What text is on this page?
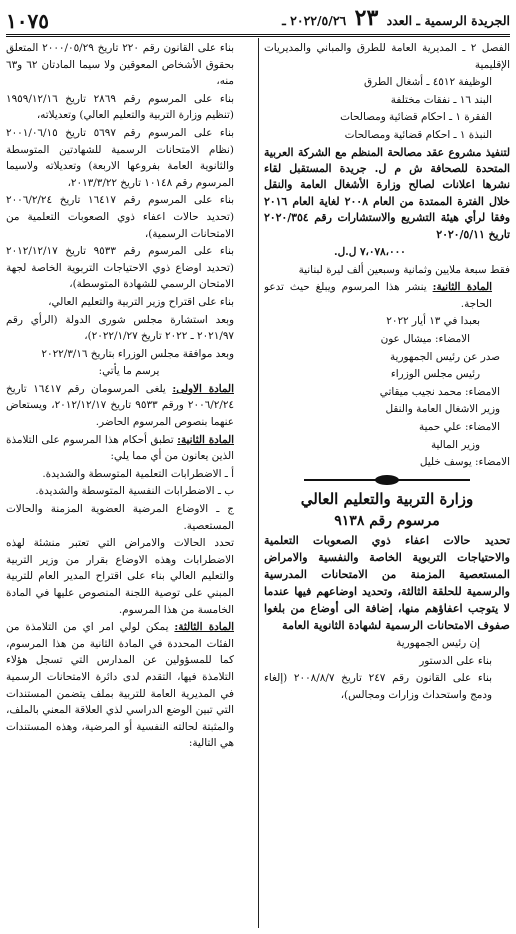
الجريدة الرسمية ـ العدد ٢٣ ٢٠٢٢/٥/٢٦ ـ
١٠٧٥

الفصل ٢ ـ المديرية العامة للطرق والمباني والمديريات الإقليمية

الوظيفة ٤٥١٢ ـ أشغال الطرق

البند ١٦ ـ نفقات مختلفة

الفقرة ١ ـ احكام قضائية ومصالحات

النبذة ١ ـ احكام قضائية ومصالحات

لتنفيذ مشروع عقد مصالحة المنظم مع الشركة العربية المتحدة للصحافة ش م ل. جريدة المستقبل لقاء نشرها اعلانات لصالح وزارة الأشغال العامة والنقل خلال الفترة الممتدة من العام ٢٠٠٨ لغاية العام ٢٠١٦ وفقا لرأي هيئة التشريع والاستشارات رقم ٢٠٢٠/٣٥٤ تاريخ ٢٠٢٠/٥/١١

٧،٠٧٨،٠٠٠ ل.ل.

فقط سبعة ملايين وثمانية وسبعين ألف ليرة لبنانية

المادة الثانية: ينشر هذا المرسوم ويبلغ حيث تدعو الحاجة.

بعبدا في ١٣ أيار ٢٠٢٢

الامضاء: ميشال عون

صدر عن رئيس الجمهورية

رئيس مجلس الوزراء

الامضاء: محمد نجيب ميقاتي

وزير الاشغال العامة والنقل

الامضاء: علي حمية

وزير المالية

الامضاء: يوسف خليل

وزارة التربية والتعليم العالي
مرسوم رقم ٩١٣٨

تحديد حالات اعفاء ذوي الصعوبات التعلمية والاحتياجات التربوية الخاصة والنفسية والامراض المستعصية المزمنة من الامتحانات المدرسية والرسمية للحلقة الثالثة، وتحديد اوضاعهم فيها عندما لا يتوجب اعفاؤهم منها، إضافة الى أوضاع من بلغوا صفوف الامتحانات الرسمية لشهادة الثانوية العامة

إن رئيس الجمهورية

بناء على الدستور

بناء على القانون رقم ٢٤٧ تاريخ ٢٠٠٨/٨/٧ (إلغاء ودمج واستحداث وزارات ومجالس)،

بناء على القانون رقم ٢٢٠ تاريخ ٢٠٠٠/٠٥/٢٩ المتعلق بحقوق الأشخاص المعوقين ولا سيما المادتان ٦٢ و٦٣ منه،

بناء على المرسوم رقم ٢٨٦٩ تاريخ ١٩٥٩/١٢/١٦ (تنظيم وزارة التربية والتعليم العالي) وتعديلاته،

بناء على المرسوم رقم ٥٦٩٧ تاريخ ٢٠٠١/٠٦/١٥ (نظام الامتحانات الرسمية للشهادتين المتوسطة والثانوية العامة بفروعها الاربعة) وتعديلاته ولاسيما المرسوم رقم ١٠١٤٨ تاريخ ٢٠١٣/٣/٢٢،

بناء على المرسوم رقم ١٦٤١٧ تاريخ ٢٠٠٦/٢/٢٤ (تحديد حالات اعفاء ذوي الصعوبات التعلمية من الامتحانات الرسمية)،

بناء على المرسوم رقم ٩٥٣٣ تاريخ ٢٠١٢/١٢/١٧ (تحديد اوضاع ذوي الاحتياجات التربوية الخاصة لجهة الامتحان الرسمي للشهادة المتوسطة)،

بناء على اقتراح وزير التربية والتعليم العالي،

وبعد استشارة مجلس شورى الدولة (الرأي رقم ٢٠٢١/٩٧ ـ ٢٠٢٢ تاريخ ٢٠٢٢/١/٢٧)،

وبعد موافقة مجلس الوزراء بتاريخ ٢٠٢٢/٣/١٦

يرسم ما يأتي:

المادة الاولى: يلغى المرسومان رقم ١٦٤١٧ تاريخ ٢٠٠٦/٢/٢٤ ورقم ٩٥٣٣ تاريخ ٢٠١٢/١٢/١٧، ويستعاض عنهما بنصوص المرسوم الحاضر.

المادة الثانية: تطبق أحكام هذا المرسوم على التلامذة الذين يعانون من أي مما يلي:

أ ـ الاضطرابات التعلمية المتوسطة والشديدة.

ب ـ الاضطرابات النفسية المتوسطة والشديدة.

ج ـ الاوضاع المرضية العضوية المزمنة والحالات المستعصية.

تحدد الحالات والامراض التي تعتبر منشئة لهذه الاضطرابات وهذه الاوضاع بقرار من وزير التربية والتعليم العالي بناء على اقتراح المدير العام للتربية المبني على توصية اللجنة المنصوص عليها في المادة الخامسة من هذا المرسوم.

المادة الثالثة: يمكن لولي امر اي من التلامذة من الفئات المحددة في المادة الثانية من هذا المرسوم، كما للمسؤولين عن المدارس التي تسجل هؤلاء التلامذة فيها، التقدم لدى دائرة الامتحانات الرسمية في المديرية العامة للتربية بملف يتضمن المستندات التي تبين الوضع الدراسي لذي العلاقة المعني بالملف، والمثبتة لحالته النفسية أو المرضية، وهذه المستندات هي التالية:
